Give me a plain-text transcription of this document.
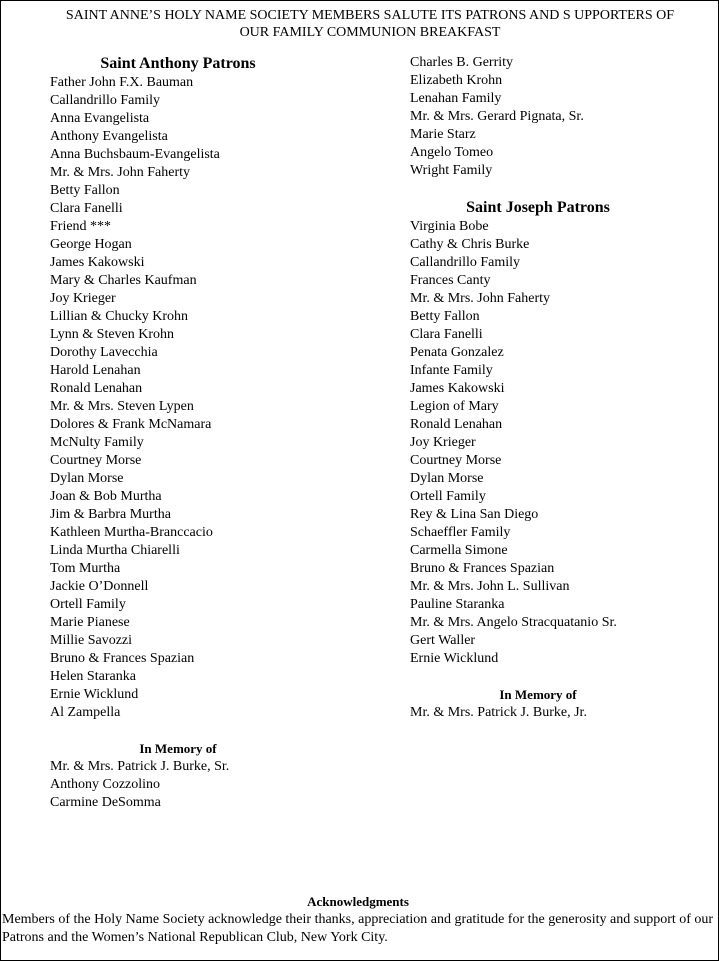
SAINT ANNE’S HOLY NAME SOCIETY MEMBERS SALUTE ITS PATRONS AND S UPPORTERS OF OUR FAMILY COMMUNION BREAKFAST
Saint Anthony Patrons
Father John F.X. Bauman
Callandrillo Family
Anna Evangelista
Anthony Evangelista
Anna Buchsbaum-Evangelista
Mr. & Mrs. John Faherty
Betty Fallon
Clara Fanelli
Friend ***
George Hogan
James Kakowski
Mary & Charles Kaufman
Joy Krieger
Lillian & Chucky Krohn
Lynn & Steven Krohn
Dorothy Lavecchia
Harold Lenahan
Ronald Lenahan
Mr. & Mrs. Steven Lypen
Dolores & Frank McNamara
McNulty Family
Courtney Morse
Dylan Morse
Joan & Bob Murtha
Jim & Barbra Murtha
Kathleen Murtha-Branccacio
Linda Murtha Chiarelli
Tom Murtha
Jackie O’Donnell
Ortell Family
Marie Pianese
Millie Savozzi
Bruno & Frances Spazian
Helen Staranka
Ernie Wicklund
Al Zampella
In Memory of
Mr. & Mrs. Patrick J. Burke, Sr.
Anthony Cozzolino
Carmine DeSomma
Charles B. Gerrity
Elizabeth Krohn
Lenahan Family
Mr. & Mrs. Gerard Pignata, Sr.
Marie Starz
Angelo Tomeo
Wright Family
Saint Joseph Patrons
Virginia Bobe
Cathy & Chris Burke
Callandrillo Family
Frances Canty
Mr. & Mrs. John Faherty
Betty Fallon
Clara Fanelli
Penata Gonzalez
Infante Family
James Kakowski
Legion of Mary
Ronald Lenahan
Joy Krieger
Courtney Morse
Dylan Morse
Ortell Family
Rey & Lina San Diego
Schaeffler Family
Carmella Simone
Bruno & Frances Spazian
Mr. & Mrs. John L. Sullivan
Pauline Staranka
Mr. & Mrs. Angelo Stracquatanio Sr.
Gert Waller
Ernie Wicklund
In Memory of
Mr. & Mrs. Patrick J. Burke, Jr.
Acknowledgments
Members of the Holy Name Society acknowledge their thanks, appreciation and gratitude for the generosity and support of our Patrons and the Women’s National Republican Club, New York City.
